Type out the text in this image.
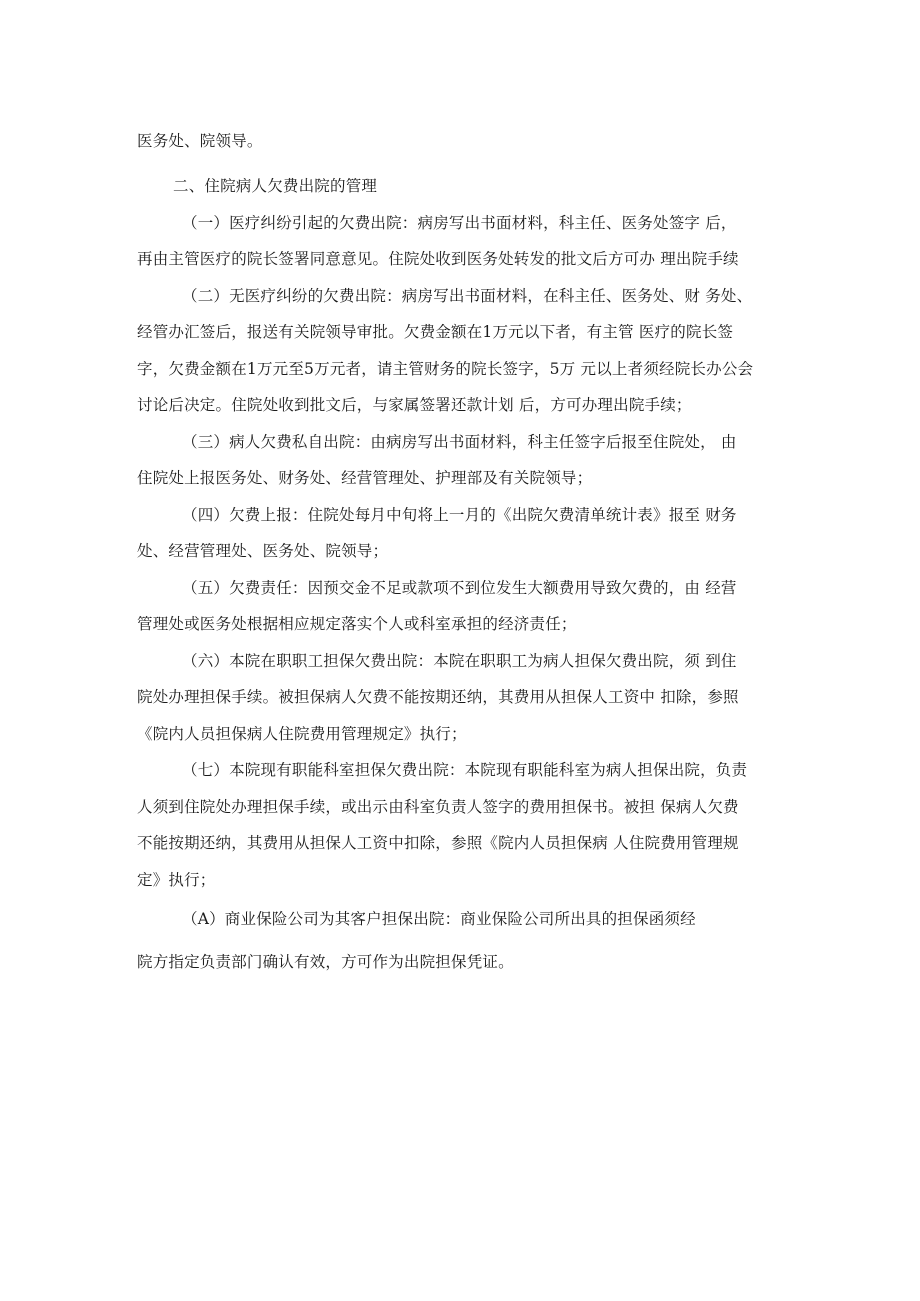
医务处、院领导。
二、住院病人欠费出院的管理
（一）医疗纠纷引起的欠费出院：病房写出书面材料，科主任、医务处签字 后，
再由主管医疗的院长签署同意意见。住院处收到医务处转发的批文后方可办 理出院手续
（二）无医疗纠纷的欠费出院：病房写出书面材料，在科主任、医务处、财 务处、
经管办汇签后，报送有关院领导审批。欠费金额在1万元以下者，有主管 医疗的院长签
字，欠费金额在1万元至5万元者，请主管财务的院长签字，5万 元以上者须经院长办公会
讨论后决定。住院处收到批文后，与家属签署还款计划 后，方可办理出院手续；
（三）病人欠费私自出院：由病房写出书面材料，科主任签字后报至住院处， 由
住院处上报医务处、财务处、经营管理处、护理部及有关院领导；
（四）欠费上报：住院处每月中旬将上一月的《出院欠费清单统计表》报至 财务
处、经营管理处、医务处、院领导；
（五）欠费责任：因预交金不足或款项不到位发生大额费用导致欠费的，由 经营
管理处或医务处根据相应规定落实个人或科室承担的经济责任；
（六）本院在职职工担保欠费出院：本院在职职工为病人担保欠费出院，须 到住
院处办理担保手续。被担保病人欠费不能按期还纳，其费用从担保人工资中 扣除，参照
《院内人员担保病人住院费用管理规定》执行；
（七）本院现有职能科室担保欠费出院：本院现有职能科室为病人担保出院，负责
人须到住院处办理担保手续，或出示由科室负责人签字的费用担保书。被担 保病人欠费
不能按期还纳，其费用从担保人工资中扣除，参照《院内人员担保病 人住院费用管理规
定》执行；
（A）商业保险公司为其客户担保出院：商业保险公司所出具的担保函须经
院方指定负责部门确认有效，方可作为出院担保凭证。
